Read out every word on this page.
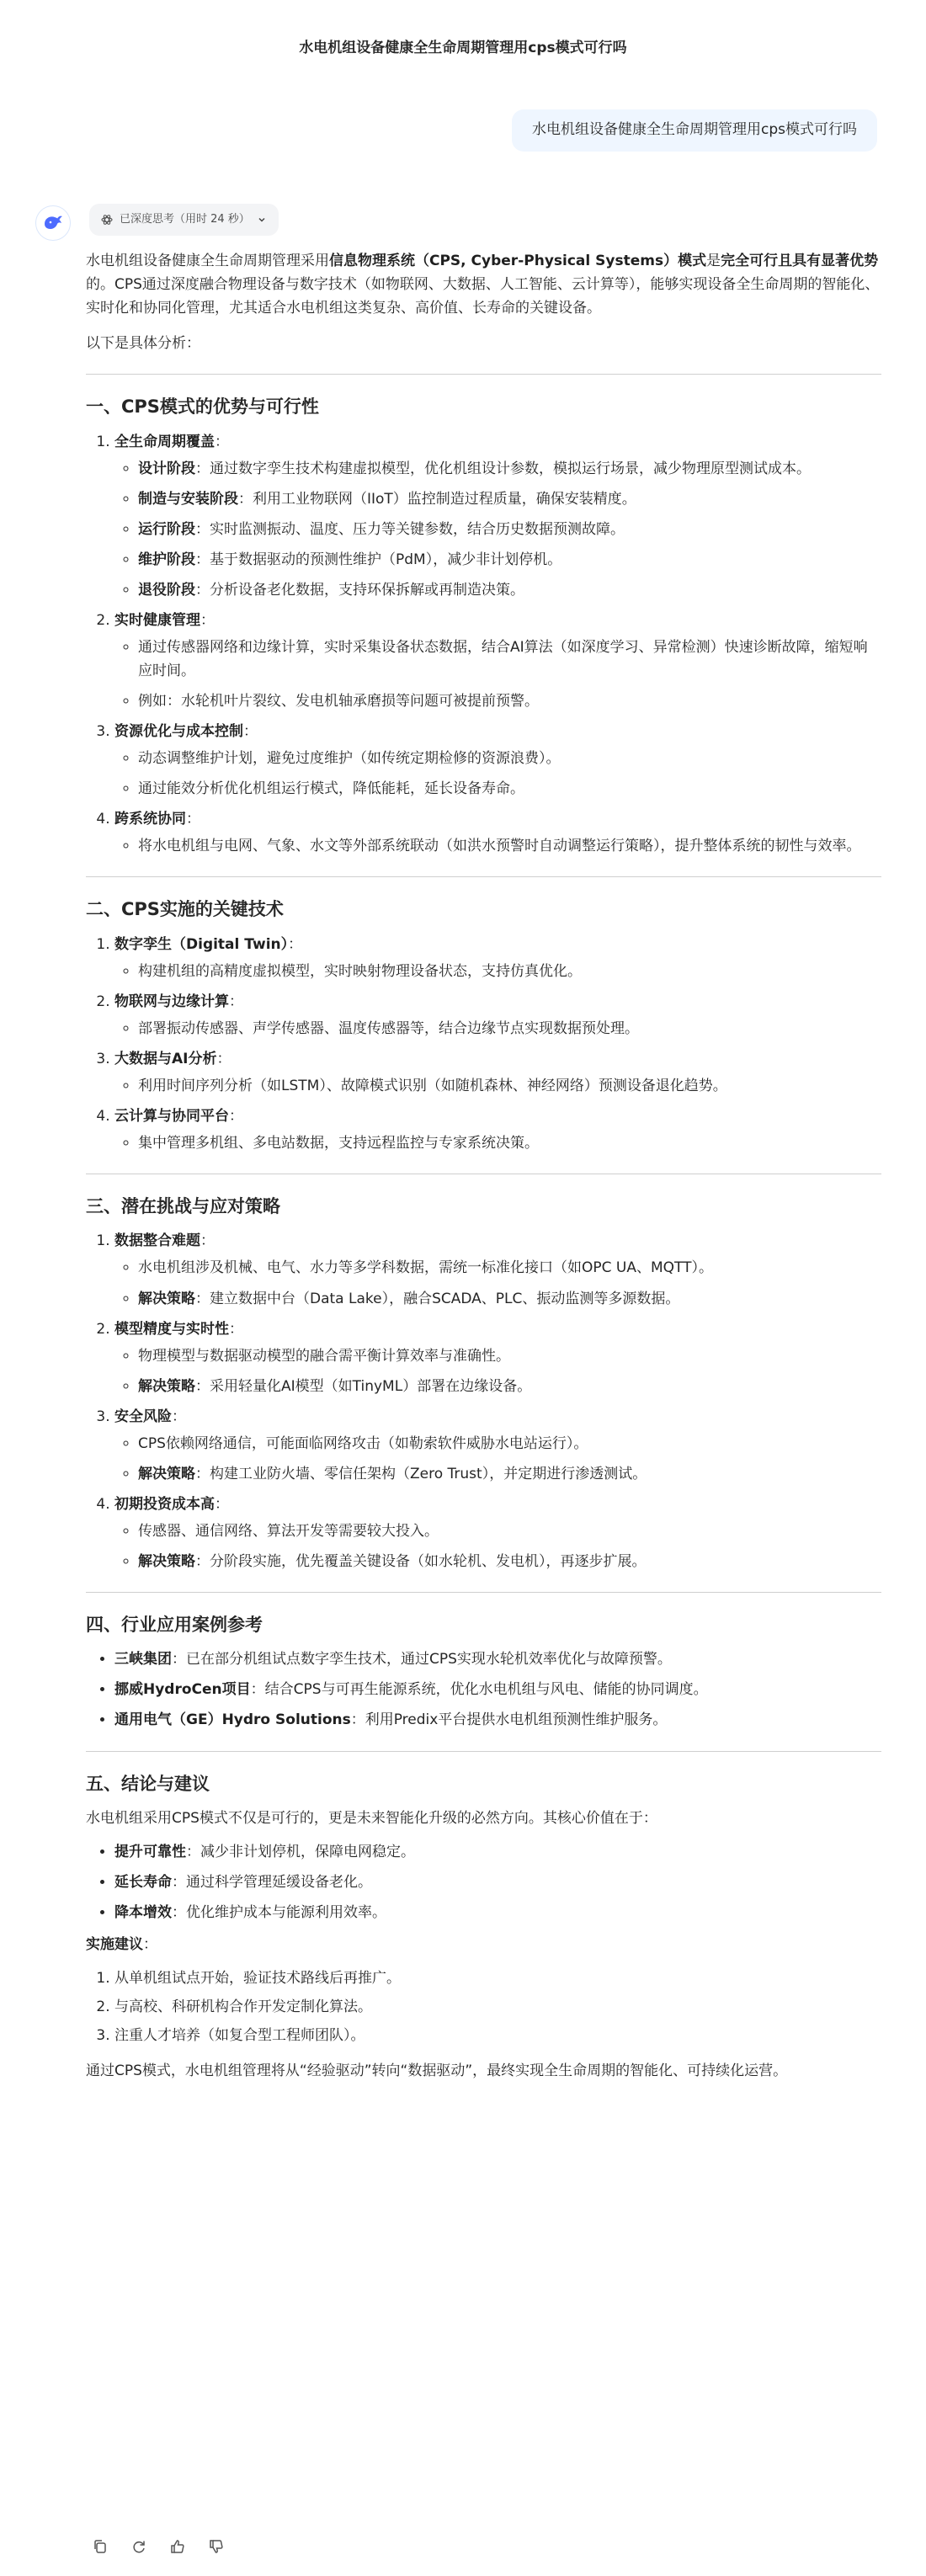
水电机组设备健康全生命周期管理用cps模式可行吗
水电机组设备健康全生命周期管理用cps模式可行吗
已深度思考（用时 24 秒）

水电机组设备健康全生命周期管理采用信息物理系统（CPS, Cyber-Physical Systems）模式是完全可行且具有显著优势的。CPS通过深度融合物理设备与数字技术（如物联网、大数据、人工智能、云计算等），能够实现设备全生命周期的智能化、实时化和协同化管理，尤其适合水电机组这类复杂、高价值、长寿命的关键设备。

以下是具体分析：

一、CPS模式的优势与可行性
1. 全生命周期覆盖：
◦ 设计阶段：通过数字孪生技术构建虚拟模型，优化机组设计参数，模拟运行场景，减少物理原型测试成本。
◦ 制造与安装阶段：利用工业物联网（IIoT）监控制造过程质量，确保安装精度。
◦ 运行阶段：实时监测振动、温度、压力等关键参数，结合历史数据预测故障。
◦ 维护阶段：基于数据驱动的预测性维护（PdM），减少非计划停机。
◦ 退役阶段：分析设备老化数据，支持环保拆解或再制造决策。
2. 实时健康管理：
◦ 通过传感器网络和边缘计算，实时采集设备状态数据，结合AI算法（如深度学习、异常检测）快速诊断故障，缩短响应时间。
◦ 例如：水轮机叶片裂纹、发电机轴承磨损等问题可被提前预警。
3. 资源优化与成本控制：
◦ 动态调整维护计划，避免过度维护（如传统定期检修的资源浪费）。
◦ 通过能效分析优化机组运行模式，降低能耗，延长设备寿命。
4. 跨系统协同：
◦ 将水电机组与电网、气象、水文等外部系统联动（如洪水预警时自动调整运行策略），提升整体系统的韧性与效率。
二、CPS实施的关键技术
1. 数字孪生（Digital Twin）：
◦ 构建机组的高精度虚拟模型，实时映射物理设备状态，支持仿真优化。
2. 物联网与边缘计算：
◦ 部署振动传感器、声学传感器、温度传感器等，结合边缘节点实现数据预处理。
3. 大数据与AI分析：
◦ 利用时间序列分析（如LSTM）、故障模式识别（如随机森林、神经网络）预测设备退化趋势。
4. 云计算与协同平台：
◦ 集中管理多机组、多电站数据，支持远程监控与专家系统决策。
三、潜在挑战与应对策略
1. 数据整合难题：
◦ 水电机组涉及机械、电气、水力等多学科数据，需统一标准化接口（如OPC UA、MQTT）。
◦ 解决策略：建立数据中台（Data Lake），融合SCADA、PLC、振动监测等多源数据。
2. 模型精度与实时性：
◦ 物理模型与数据驱动模型的融合需平衡计算效率与准确性。
◦ 解决策略：采用轻量化AI模型（如TinyML）部署在边缘设备。
3. 安全风险：
◦ CPS依赖网络通信，可能面临网络攻击（如勒索软件威胁水电站运行）。
◦ 解决策略：构建工业防火墙、零信任架构（Zero Trust），并定期进行渗透测试。
4. 初期投资成本高：
◦ 传感器、通信网络、算法开发等需要较大投入。
◦ 解决策略：分阶段实施，优先覆盖关键设备（如水轮机、发电机），再逐步扩展。
四、行业应用案例参考
• 三峡集团：已在部分机组试点数字孪生技术，通过CPS实现水轮机效率优化与故障预警。
• 挪威HydroCen项目：结合CPS与可再生能源系统，优化水电机组与风电、储能的协同调度。
• 通用电气（GE）Hydro Solutions：利用Predix平台提供水电机组预测性维护服务。
五、结论与建议

水电机组采用CPS模式不仅是可行的，更是未来智能化升级的必然方向。其核心价值在于：

• 提升可靠性：减少非计划停机，保障电网稳定。
• 延长寿命：通过科学管理延缓设备老化。
• 降本增效：优化维护成本与能源利用效率。

实施建议：

1. 从单机组试点开始，验证技术路线后再推广。
2. 与高校、科研机构合作开发定制化算法。
3. 注重人才培养（如复合型工程师团队）。

通过CPS模式，水电机组管理将从“经验驱动”转向“数据驱动”，最终实现全生命周期的智能化、可持续化运营。
